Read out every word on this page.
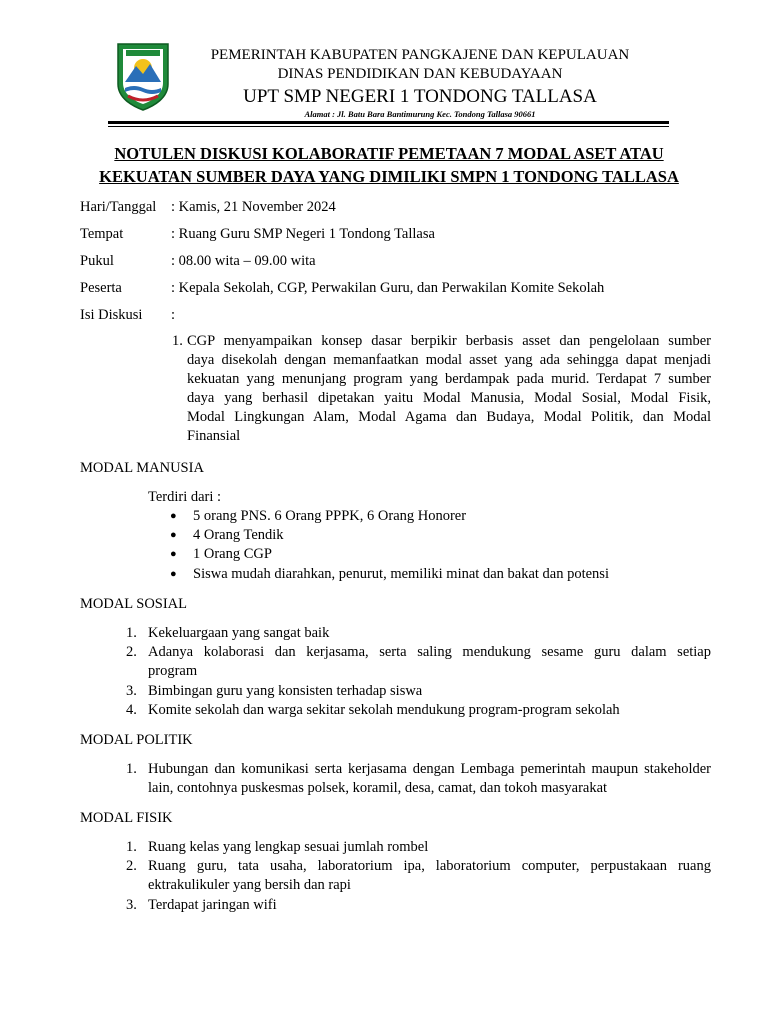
PEMERINTAH KABUPATEN PANGKAJENE DAN KEPULAUAN
DINAS PENDIDIKAN DAN KEBUDAYAAN
UPT SMP NEGERI 1 TONDONG TALLASA
Alamat : Jl. Batu Bara Bantimurung Kec. Tondong Tallasa 90661
NOTULEN DISKUSI KOLABORATIF PEMETAAN 7 MODAL ASET ATAU
KEKUATAN SUMBER DAYA YANG DIMILIKI SMPN 1 TONDONG TALLASA
Hari/Tanggal : Kamis, 21 November 2024
Tempat	: Ruang Guru SMP Negeri 1 Tondong Tallasa
Pukul	: 08.00 wita – 09.00 wita
Peserta	: Kepala Sekolah, CGP, Perwakilan Guru, dan Perwakilan Komite Sekolah
Isi Diskusi :
1. CGP menyampaikan konsep dasar berpikir berbasis asset dan pengelolaan sumber
daya disekolah dengan memanfaatkan modal asset yang ada sehingga dapat menjadi
kekuatan yang menunjang program yang berdampak pada murid. Terdapat 7 sumber
daya yang berhasil dipetakan yaitu Modal Manusia, Modal Sosial, Modal Fisik,
Modal Lingkungan Alam, Modal Agama dan Budaya, Modal Politik, dan Modal
Finansial
MODAL MANUSIA
Terdiri dari :
● 5 orang PNS. 6 Orang PPPK, 6 Orang Honorer
● 4 Orang Tendik
● 1 Orang CGP
● Siswa mudah diarahkan, penurut, memiliki minat dan bakat dan potensi
MODAL SOSIAL
1. Kekeluargaan yang sangat baik
2. Adanya kolaborasi dan kerjasama, serta saling mendukung sesame guru dalam setiap
program
3. Bimbingan guru yang konsisten terhadap siswa
4. Komite sekolah dan warga sekitar sekolah mendukung program-program sekolah
MODAL POLITIK
1. Hubungan dan komunikasi serta kerjasama dengan Lembaga pemerintah maupun stakeholder
lain, contohnya puskesmas polsek, koramil, desa, camat, dan tokoh masyarakat
MODAL FISIK
1. Ruang kelas yang lengkap sesuai jumlah rombel
2. Ruang guru, tata usaha, laboratorium ipa, laboratorium computer, perpustakaan ruang
ektrakulikuler yang bersih dan rapi
3. Terdapat jaringan wifi
